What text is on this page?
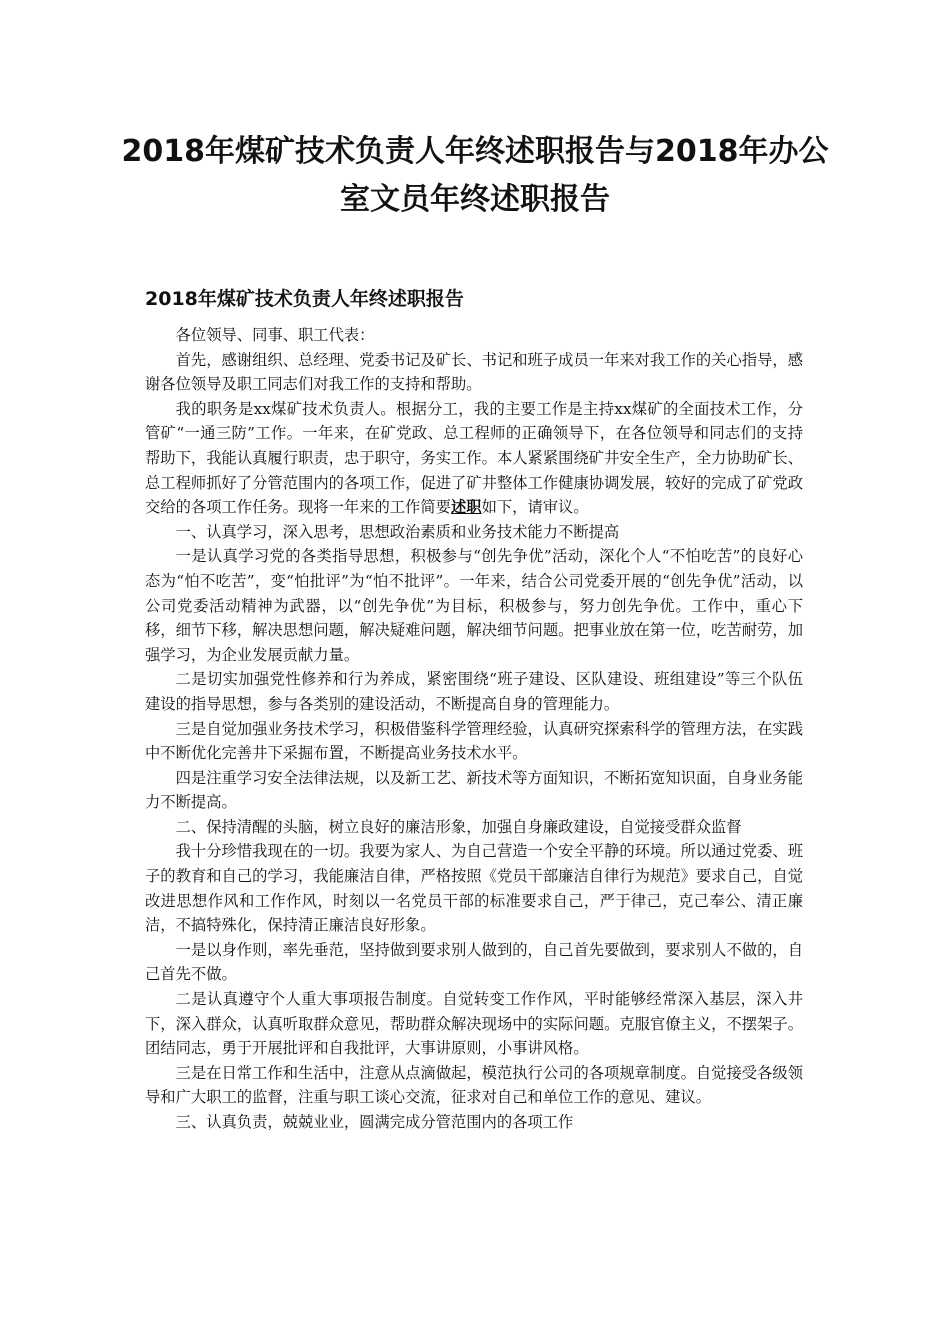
2018年煤矿技术负责人年终述职报告与2018年办公
室文员年终述职报告
2018年煤矿技术负责人年终述职报告

各位领导、同事、职工代表：

首先，感谢组织、总经理、党委书记及矿长、书记和班子成员一年来对我工作的关心指导，感谢各位领导及职工同志们对我工作的支持和帮助。

我的职务是xx煤矿技术负责人。根据分工，我的主要工作是主持xx煤矿的全面技术工作，分管矿“一通三防”工作。一年来，在矿党政、总工程师的正确领导下，在各位领导和同志们的支持帮助下，我能认真履行职责，忠于职守，务实工作。本人紧紧围绕矿井安全生产，全力协助矿长、总工程师抓好了分管范围内的各项工作，促进了矿井整体工作健康协调发展，较好的完成了矿党政交给的各项工作任务。现将一年来的工作简要述职如下，请审议。

一、认真学习，深入思考，思想政治素质和业务技术能力不断提高

一是认真学习党的各类指导思想，积极参与“创先争优”活动，深化个人“不怕吃苦”的良好心态为“怕不吃苦”，变“怕批评”为“怕不批评”。一年来，结合公司党委开展的“创先争优”活动，以公司党委活动精神为武器，以“创先争优”为目标，积极参与，努力创先争优。工作中，重心下移，细节下移，解决思想问题，解决疑难问题，解决细节问题。把事业放在第一位，吃苦耐劳，加强学习，为企业发展贡献力量。

二是切实加强党性修养和行为养成，紧密围绕“班子建设、区队建设、班组建设”等三个队伍建设的指导思想，参与各类别的建设活动，不断提高自身的管理能力。

三是自觉加强业务技术学习，积极借鉴科学管理经验，认真研究探索科学的管理方法，在实践中不断优化完善井下采掘布置，不断提高业务技术水平。

四是注重学习安全法律法规，以及新工艺、新技术等方面知识，不断拓宽知识面，自身业务能力不断提高。

二、保持清醒的头脑，树立良好的廉洁形象，加强自身廉政建设，自觉接受群众监督

我十分珍惜我现在的一切。我要为家人、为自己营造一个安全平静的环境。所以通过党委、班子的教育和自己的学习，我能廉洁自律，严格按照《党员干部廉洁自律行为规范》要求自己，自觉改进思想作风和工作作风，时刻以一名党员干部的标准要求自己，严于律己，克己奉公、清正廉洁，不搞特殊化，保持清正廉洁良好形象。

一是以身作则，率先垂范，坚持做到要求别人做到的，自己首先要做到，要求别人不做的，自己首先不做。

二是认真遵守个人重大事项报告制度。自觉转变工作作风，平时能够经常深入基层，深入井下，深入群众，认真听取群众意见，帮助群众解决现场中的实际问题。克服官僚主义，不摆架子。团结同志，勇于开展批评和自我批评，大事讲原则，小事讲风格。

三是在日常工作和生活中，注意从点滴做起，模范执行公司的各项规章制度。自觉接受各级领导和广大职工的监督，注重与职工谈心交流，征求对自己和单位工作的意见、建议。

三、认真负责，兢兢业业，圆满完成分管范围内的各项工作
